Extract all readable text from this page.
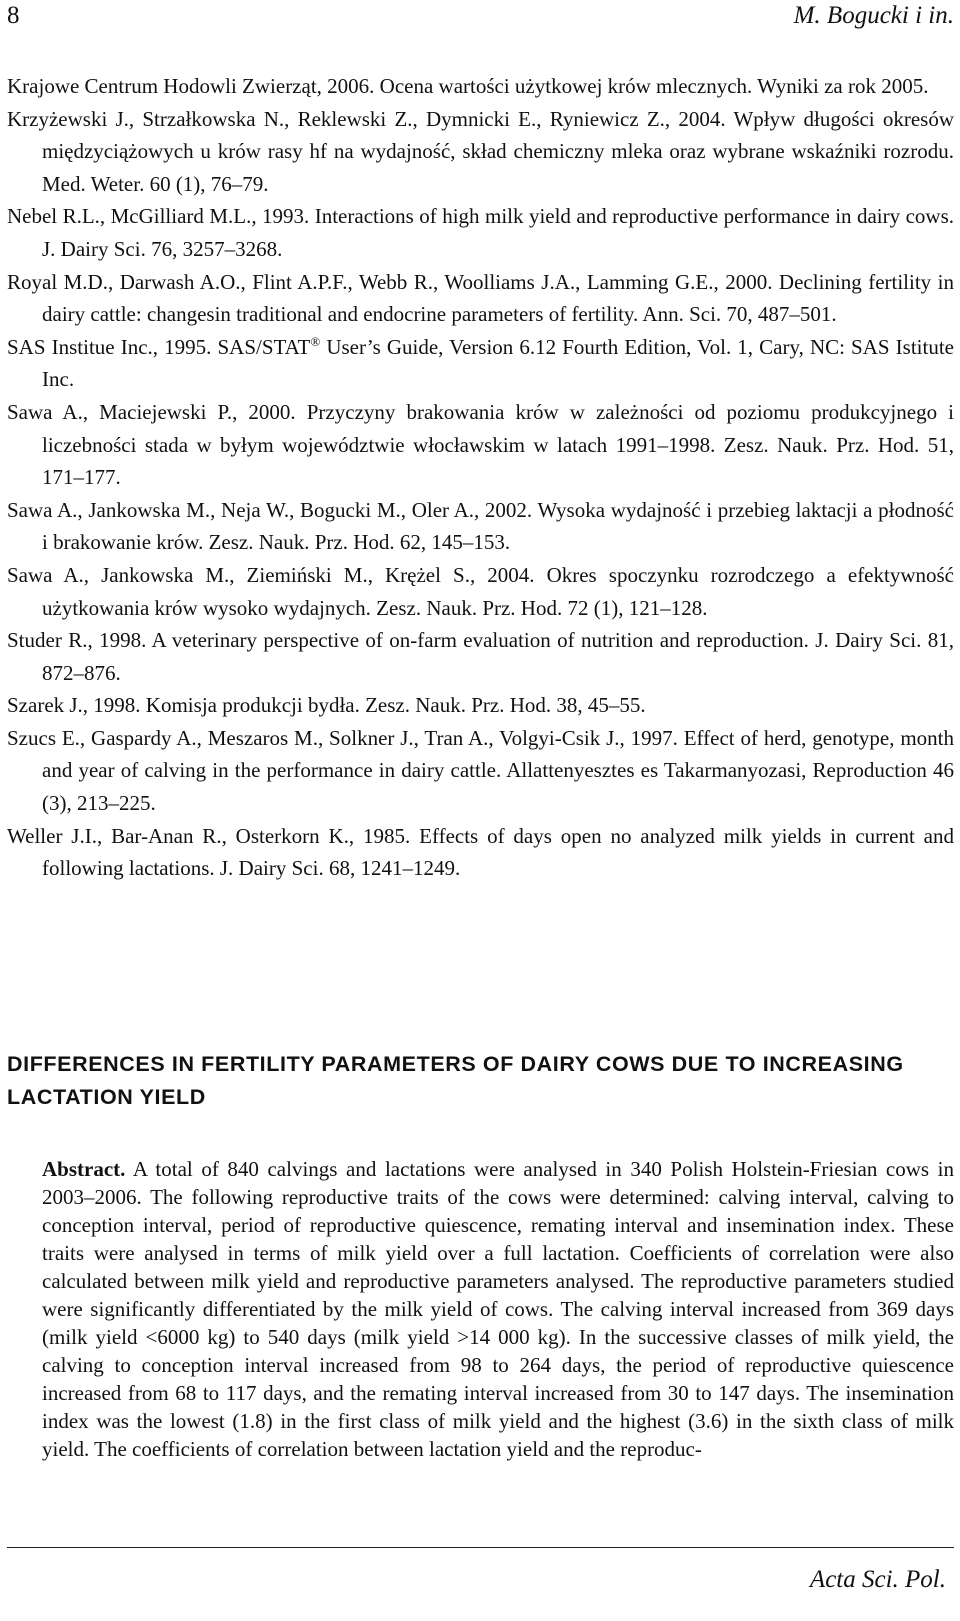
8	M. Bogucki i in.
Krajowe Centrum Hodowli Zwierząt, 2006. Ocena wartości użytkowej krów mlecznych. Wyniki za rok 2005.
Krzyżewski J., Strzałkowska N., Reklewski Z., Dymnicki E., Ryniewicz Z., 2004. Wpływ długości okresów międzyciążowych u krów rasy hf na wydajność, skład chemiczny mleka oraz wybrane wskaźniki rozrodu. Med. Weter. 60 (1), 76–79.
Nebel R.L., McGilliard M.L., 1993. Interactions of high milk yield and reproductive performance in dairy cows. J. Dairy Sci. 76, 3257–3268.
Royal M.D., Darwash A.O., Flint A.P.F., Webb R., Woolliams J.A., Lamming G.E., 2000. Declining fertility in dairy cattle: changesin traditional and endocrine parameters of fertility. Ann. Sci. 70, 487–501.
SAS Institue Inc., 1995. SAS/STAT® User’s Guide, Version 6.12 Fourth Edition, Vol. 1, Cary, NC: SAS Istitute Inc.
Sawa A., Maciejewski P., 2000. Przyczyny brakowania krów w zależności od poziomu produkcyjnego i liczebności stada w byłym województwie włocławskim w latach 1991–1998. Zesz. Nauk. Prz. Hod. 51, 171–177.
Sawa A., Jankowska M., Neja W., Bogucki M., Oler A., 2002. Wysoka wydajność i przebieg laktacji a płodność i brakowanie krów. Zesz. Nauk. Prz. Hod. 62, 145–153.
Sawa A., Jankowska M., Ziemiński M., Krężel S., 2004. Okres spoczynku rozrodczego a efektywność użytkowania krów wysoko wydajnych. Zesz. Nauk. Prz. Hod. 72 (1), 121–128.
Studer R., 1998. A veterinary perspective of on-farm evaluation of nutrition and reproduction. J. Dairy Sci. 81, 872–876.
Szarek J., 1998. Komisja produkcji bydła. Zesz. Nauk. Prz. Hod. 38, 45–55.
Szucs E., Gaspardy A., Meszaros M., Solkner J., Tran A., Volgyi-Csik J., 1997. Effect of herd, genotype, month and year of calving in the performance in dairy cattle. Allattenyesztes es Takarmanyozasi, Reproduction 46 (3), 213–225.
Weller J.I., Bar-Anan R., Osterkorn K., 1985. Effects of days open no analyzed milk yields in current and following lactations. J. Dairy Sci. 68, 1241–1249.
DIFFERENCES IN FERTILITY PARAMETERS OF DAIRY COWS DUE TO INCREASING LACTATION YIELD
Abstract. A total of 840 calvings and lactations were analysed in 340 Polish Holstein-Friesian cows in 2003–2006. The following reproductive traits of the cows were determined: calving interval, calving to conception interval, period of reproductive quiescence, remating interval and insemination index. These traits were analysed in terms of milk yield over a full lactation. Coefficients of correlation were also calculated between milk yield and reproductive parameters analysed. The reproductive parameters studied were significantly differentiated by the milk yield of cows. The calving interval increased from 369 days (milk yield <6000 kg) to 540 days (milk yield >14 000 kg). In the successive classes of milk yield, the calving to conception interval increased from 98 to 264 days, the period of reproductive quiescence increased from 68 to 117 days, and the remating interval increased from 30 to 147 days. The insemination index was the lowest (1.8) in the first class of milk yield and the highest (3.6) in the sixth class of milk yield. The coefficients of correlation between lactation yield and the reproduc-
Acta Sci. Pol.
